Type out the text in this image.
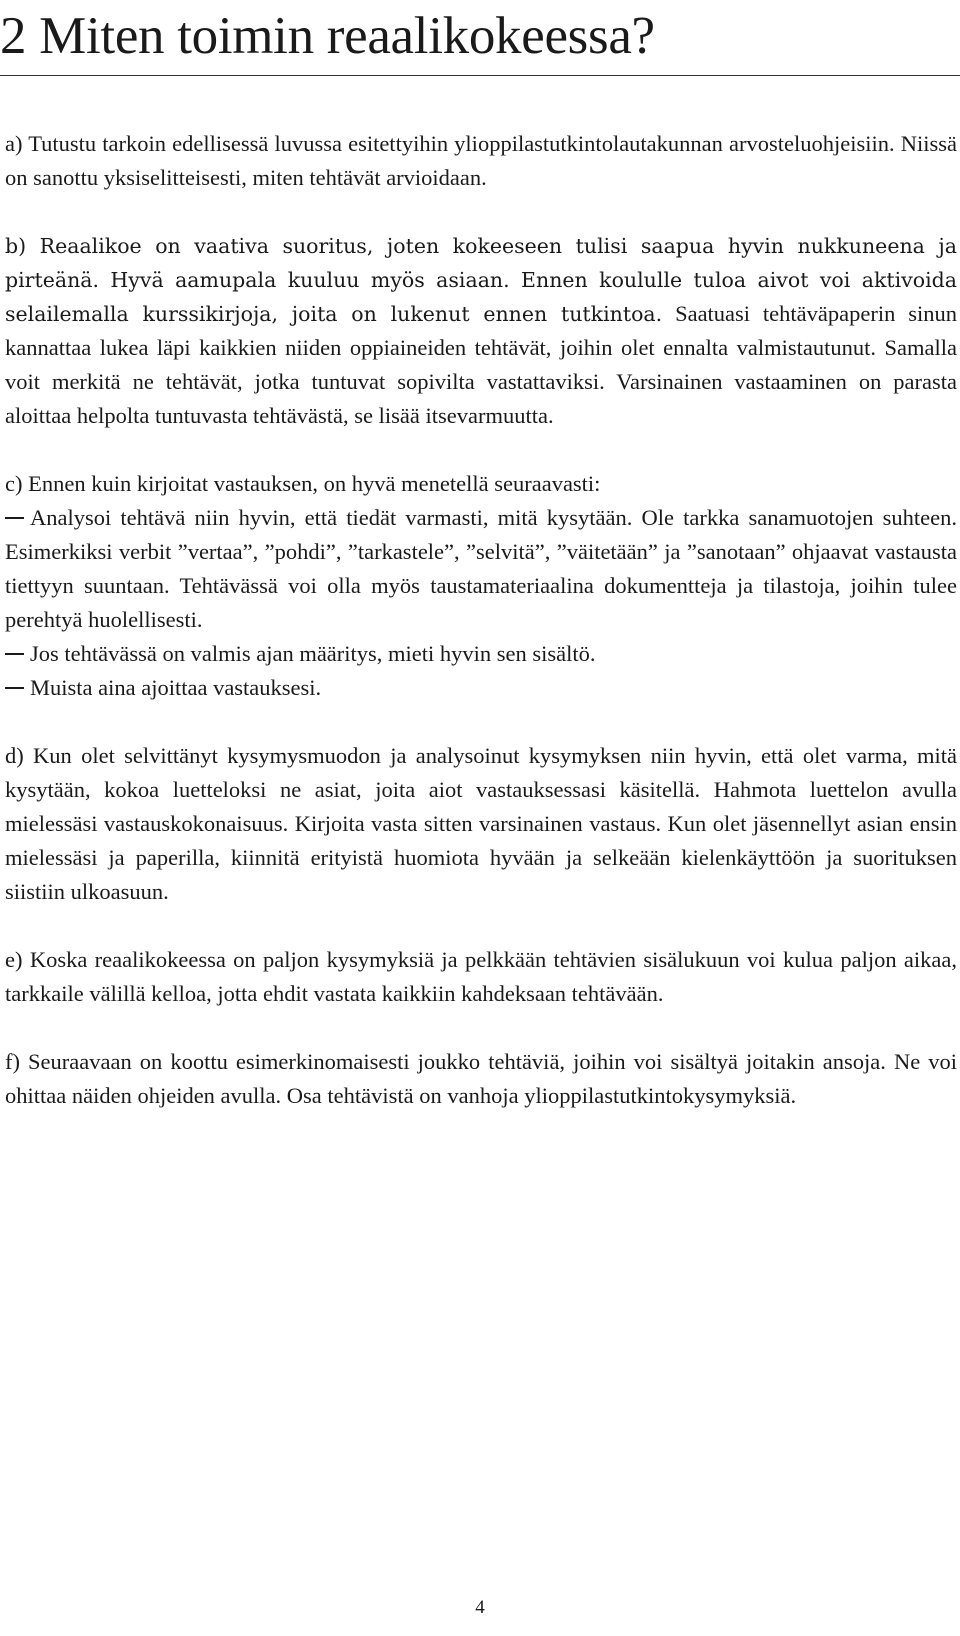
2 Miten toimin reaalikokeessa?

a) Tutustu tarkoin edellisessä luvussa esitettyihin ylioppilastutkintolautakunnan arvosteluohjeisiin. Niissä on sanottu yksiselitteisesti, miten tehtävät arvioidaan.

b) Reaalikoe on vaativa suoritus, joten kokeeseen tulisi saapua hyvin nukkuneena ja pirteänä. Hyvä aamupala kuuluu myös asiaan. Ennen koululle tuloa aivot voi aktivoida selailemalla kurssikirjoja, joita on lukenut ennen tutkintoa. Saatuasi tehtäväpaperin sinun kannattaa lukea läpi kaikkien niiden oppiaineiden tehtävät, joihin olet ennalta valmistautunut. Samalla voit merkitä ne tehtävät, jotka tuntuvat sopivilta vastattaviksi. Varsinainen vastaaminen on parasta aloittaa helpolta tuntuvasta tehtävästä, se lisää itsevarmuutta.

c) Ennen kuin kirjoitat vastauksen, on hyvä menetellä seuraavasti:
Analysoi tehtävä niin hyvin, että tiedät varmasti, mitä kysytään. Ole tarkka sanamuotojen suhteen. Esimerkiksi verbit ”vertaa”, ”pohdi”, ”tarkastele”, ”selvitä”, ”väitetään” ja ”sanotaan” ohjaavat vastausta tiettyyn suuntaan. Tehtävässä voi olla myös taustamateriaalina dokumentteja ja tilastoja, joihin tulee perehtyä huolellisesti.
Jos tehtävässä on valmis ajan määritys, mieti hyvin sen sisältö.
Muista aina ajoittaa vastauksesi.

d) Kun olet selvittänyt kysymysmuodon ja analysoinut kysymyksen niin hyvin, että olet varma, mitä kysytään, kokoa luetteloksi ne asiat, joita aiot vastauksessasi käsitellä. Hahmota luettelon avulla mielessäsi vastauskokonaisuus. Kirjoita vasta sitten varsinainen vastaus. Kun olet jäsennellyt asian ensin mielessäsi ja paperilla, kiinnitä erityistä huomiota hyvään ja selkeään kielenkäyttöön ja suorituksen siistiin ulkoasuun.

e) Koska reaalikokeessa on paljon kysymyksiä ja pelkkään tehtävien sisälukuun voi kulua paljon aikaa, tarkkaile välillä kelloa, jotta ehdit vastata kaikkiin kahdeksaan tehtävään.

f) Seuraavaan on koottu esimerkinomaisesti joukko tehtäviä, joihin voi sisältyä joitakin ansoja. Ne voi ohittaa näiden ohjeiden avulla. Osa tehtävistä on vanhoja ylioppilastutkintokysymyksiä.

4
